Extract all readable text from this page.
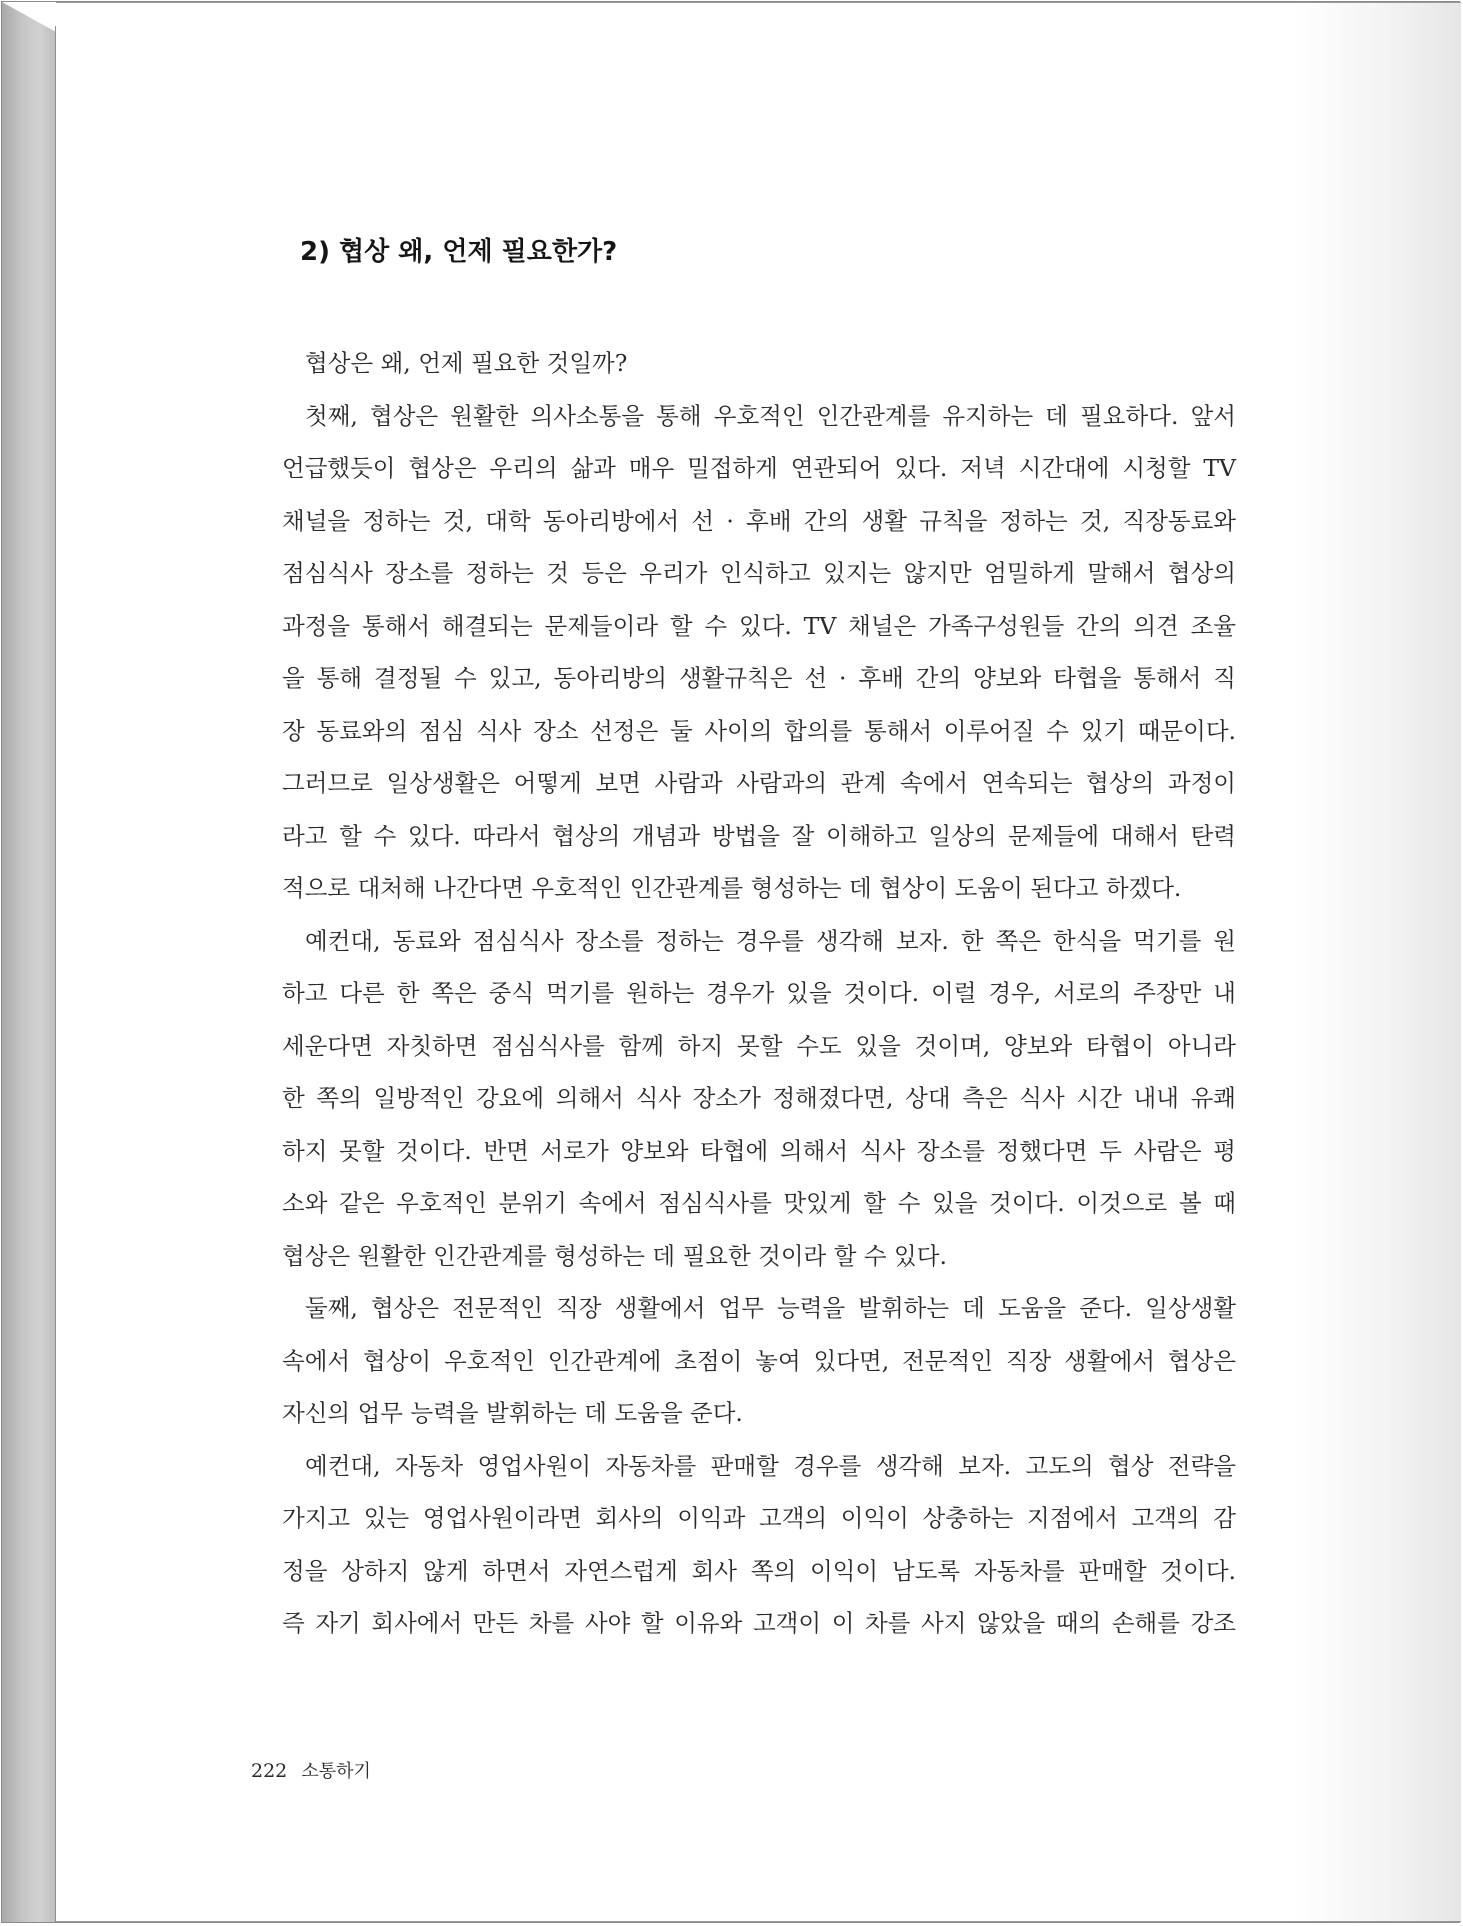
2) 협상 왜, 언제 필요한가?
협상은 왜, 언제 필요한 것일까?
첫째, 협상은 원활한 의사소통을 통해 우호적인 인간관계를 유지하는 데 필요하다. 앞서
언급했듯이 협상은 우리의 삶과 매우 밀접하게 연관되어 있다. 저녁 시간대에 시청할 TV
채널을 정하는 것, 대학 동아리방에서 선 · 후배 간의 생활 규칙을 정하는 것, 직장동료와
점심식사 장소를 정하는 것 등은 우리가 인식하고 있지는 않지만 엄밀하게 말해서 협상의
과정을 통해서 해결되는 문제들이라 할 수 있다. TV 채널은 가족구성원들 간의 의견 조율
을 통해 결정될 수 있고, 동아리방의 생활규칙은 선 · 후배 간의 양보와 타협을 통해서 직
장 동료와의 점심 식사 장소 선정은 둘 사이의 합의를 통해서 이루어질 수 있기 때문이다.
그러므로 일상생활은 어떻게 보면 사람과 사람과의 관계 속에서 연속되는 협상의 과정이
라고 할 수 있다. 따라서 협상의 개념과 방법을 잘 이해하고 일상의 문제들에 대해서 탄력
적으로 대처해 나간다면 우호적인 인간관계를 형성하는 데 협상이 도움이 된다고 하겠다.
예컨대, 동료와 점심식사 장소를 정하는 경우를 생각해 보자. 한 쪽은 한식을 먹기를 원
하고 다른 한 쪽은 중식 먹기를 원하는 경우가 있을 것이다. 이럴 경우, 서로의 주장만 내
세운다면 자칫하면 점심식사를 함께 하지 못할 수도 있을 것이며, 양보와 타협이 아니라
한 쪽의 일방적인 강요에 의해서 식사 장소가 정해졌다면, 상대 측은 식사 시간 내내 유쾌
하지 못할 것이다. 반면 서로가 양보와 타협에 의해서 식사 장소를 정했다면 두 사람은 평
소와 같은 우호적인 분위기 속에서 점심식사를 맛있게 할 수 있을 것이다. 이것으로 볼 때
협상은 원활한 인간관계를 형성하는 데 필요한 것이라 할 수 있다.
둘째, 협상은 전문적인 직장 생활에서 업무 능력을 발휘하는 데 도움을 준다. 일상생활
속에서 협상이 우호적인 인간관계에 초점이 놓여 있다면, 전문적인 직장 생활에서 협상은
자신의 업무 능력을 발휘하는 데 도움을 준다.
예컨대, 자동차 영업사원이 자동차를 판매할 경우를 생각해 보자. 고도의 협상 전략을
가지고 있는 영업사원이라면 회사의 이익과 고객의 이익이 상충하는 지점에서 고객의 감
정을 상하지 않게 하면서 자연스럽게 회사 쪽의 이익이 남도록 자동차를 판매할 것이다.
즉 자기 회사에서 만든 차를 사야 할 이유와 고객이 이 차를 사지 않았을 때의 손해를 강조
222 소통하기
